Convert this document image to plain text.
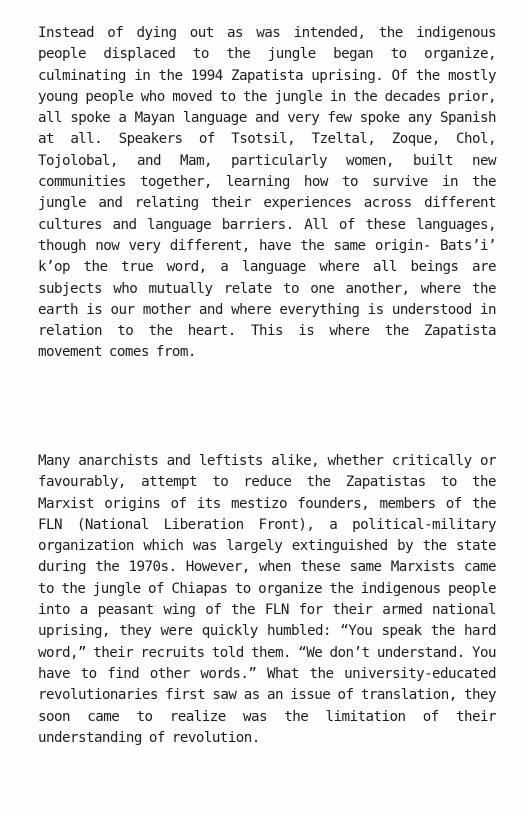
Instead of dying out as was intended, the indigenous people displaced to the jungle began to organize, culminating in the 1994 Zapatista uprising. Of the mostly young people who moved to the jungle in the decades prior, all spoke a Mayan language and very few spoke any Spanish at all. Speakers of Tsotsil, Tzeltal, Zoque, Chol, Tojolobal, and Mam, particularly women, built new communities together, learning how to survive in the jungle and relating their experiences across different cultures and language barriers. All of these languages, though now very different, have the same origin- Bats’i’ k’op the true word, a language where all beings are subjects who mutually relate to one another, where the earth is our mother and where everything is understood in relation to the heart. This is where the Zapatista movement comes from.

Many anarchists and leftists alike, whether critically or favourably, attempt to reduce the Zapatistas to the Marxist origins of its mestizo founders, members of the FLN (National Liberation Front), a political-military organization which was largely extinguished by the state during the 1970s. However, when these same Marxists came to the jungle of Chiapas to organize the indigenous people into a peasant wing of the FLN for their armed national uprising, they were quickly humbled: “You speak the hard word,” their recruits told them. “We don’t understand. You have to find other words.” What the university-educated revolutionaries first saw as an issue of translation, they soon came to realize was the limitation of their understanding of revolution.
